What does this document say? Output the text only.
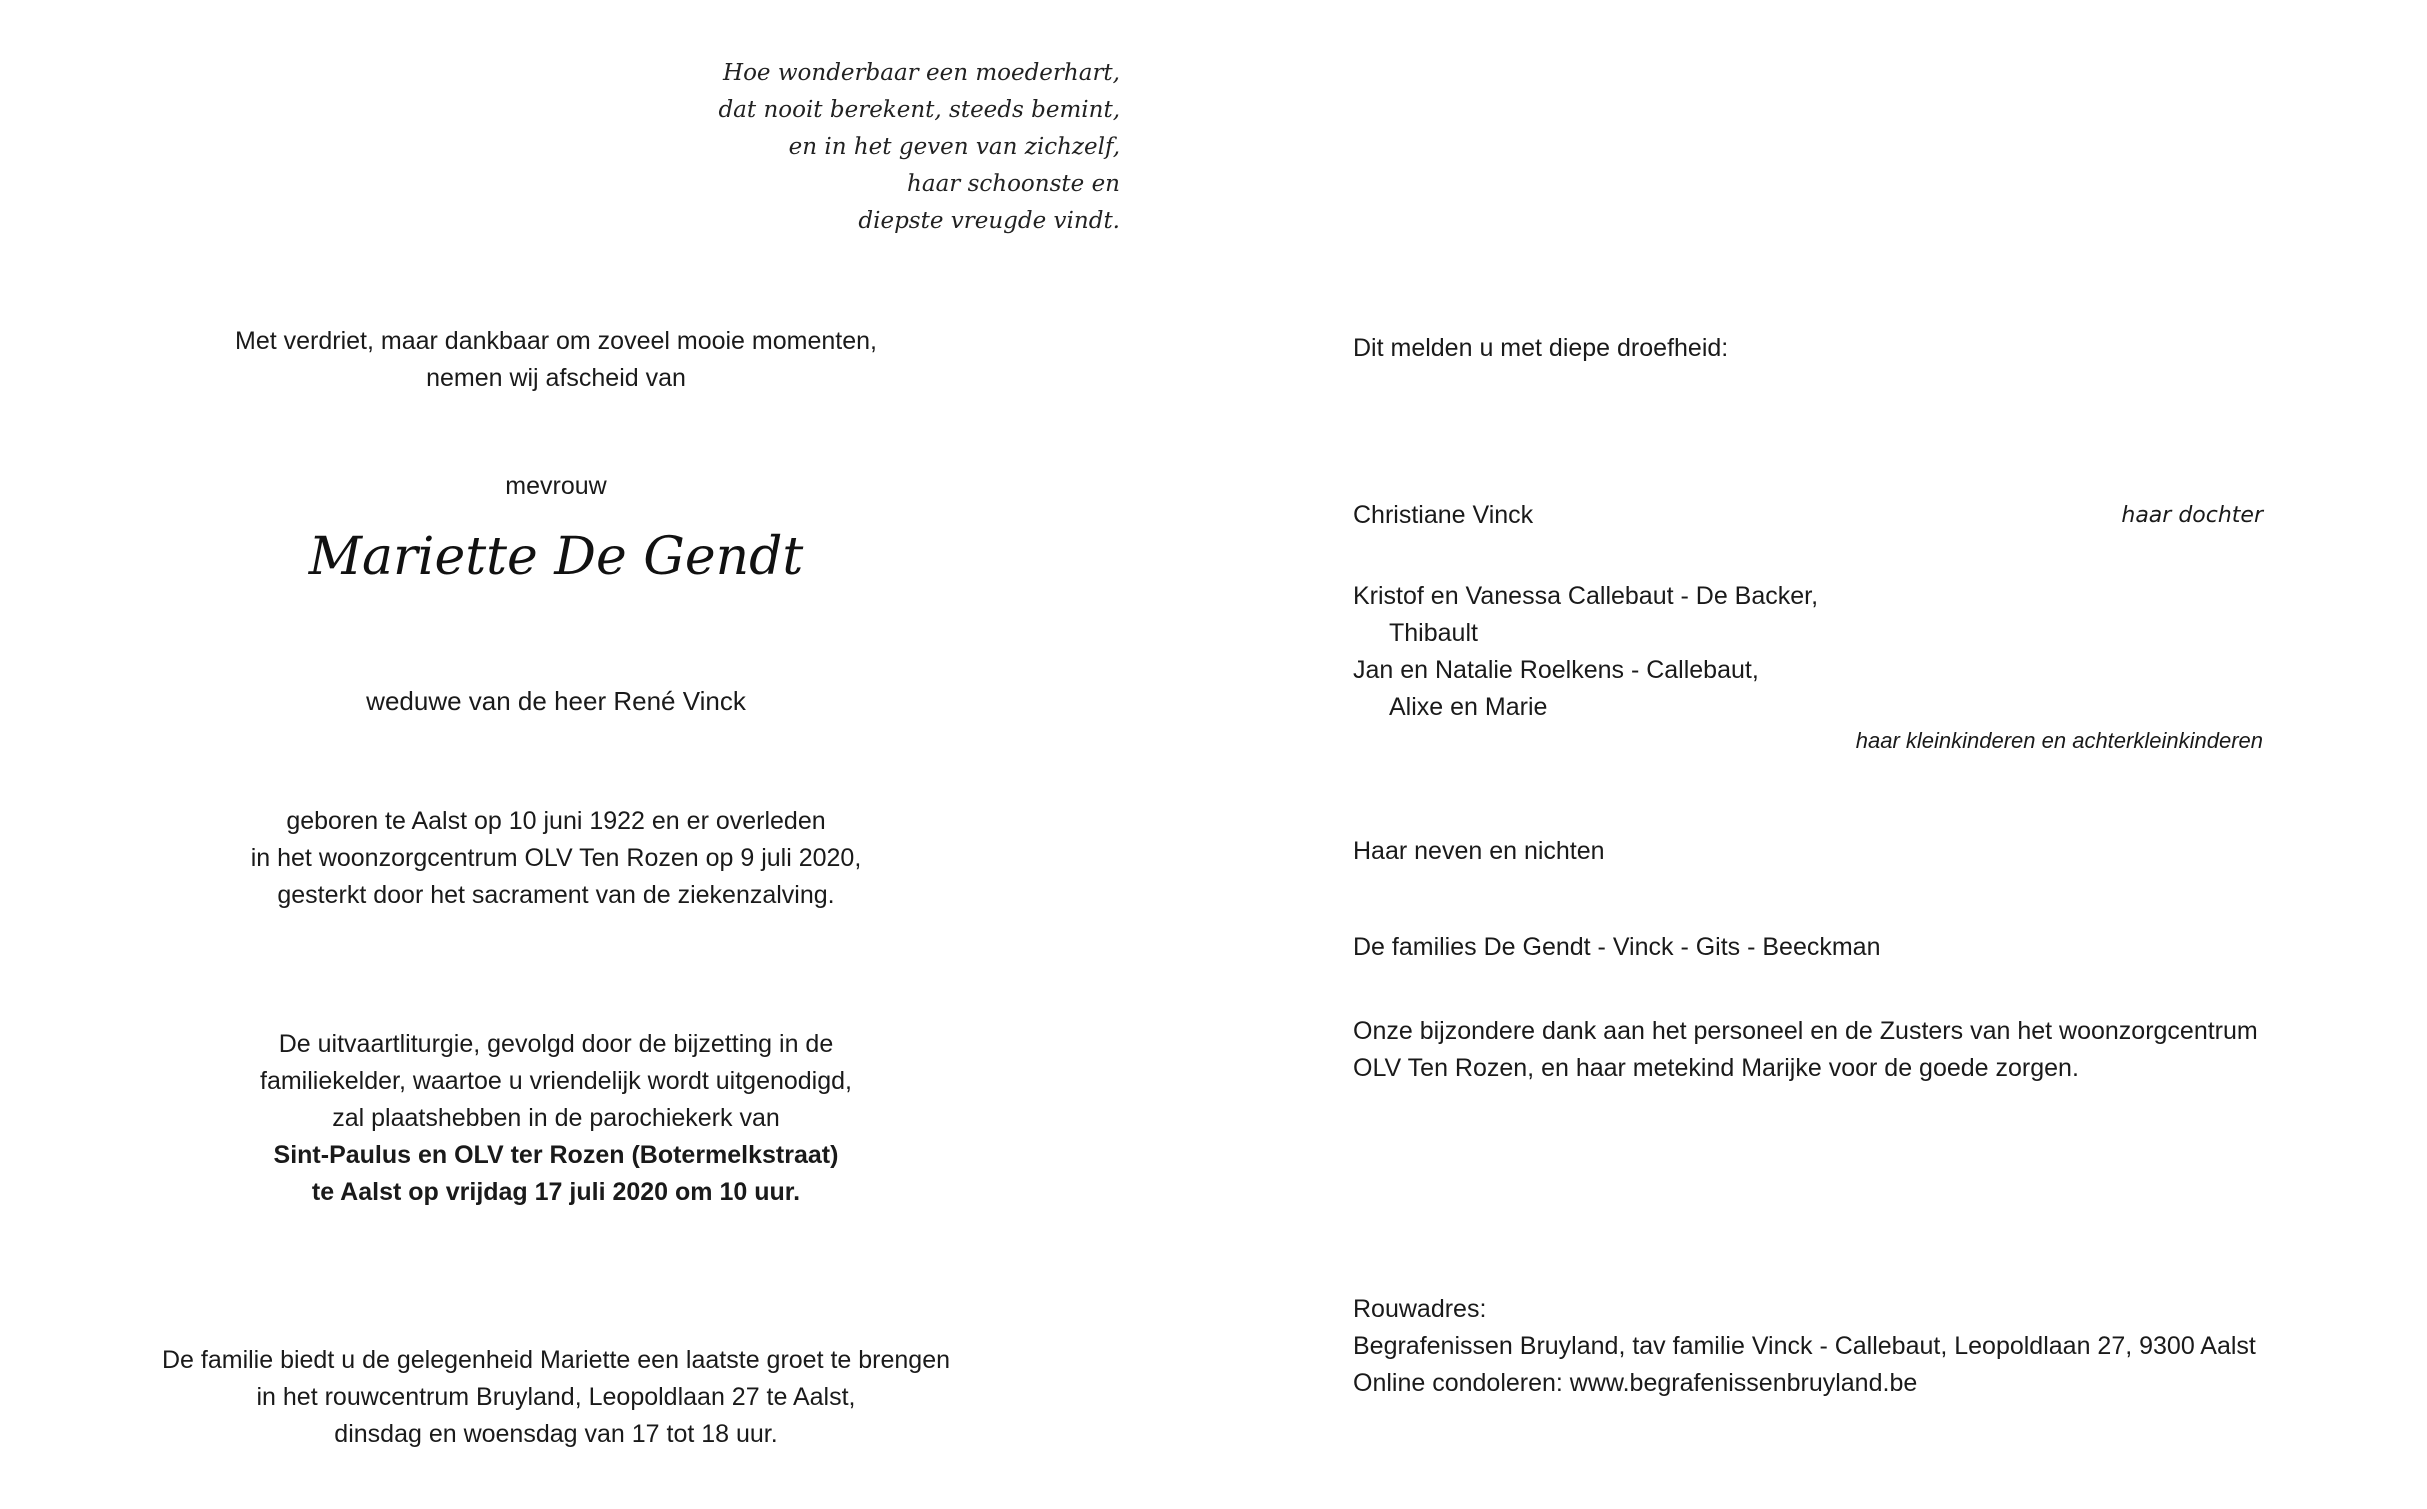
Hoe wonderbaar een moederhart,
dat nooit berekent, steeds bemint,
en in het geven van zichzelf,
haar schoonste en
diepste vreugde vindt.
Met verdriet, maar dankbaar om zoveel mooie momenten,
nemen wij afscheid van
mevrouw
Mariette De Gendt
weduwe van de heer René Vinck
geboren te Aalst op 10 juni 1922 en er overleden
in het woonzorgcentrum OLV Ten Rozen op 9 juli 2020,
gesterkt door het sacrament van de ziekenzalving.
De uitvaartliturgie, gevolgd door de bijzetting in de
familiekelder, waartoe u vriendelijk wordt uitgenodigd,
zal plaatshebben in de parochiekerk van
Sint-Paulus en OLV ter Rozen (Botermelkstraat)
te Aalst op vrijdag 17 juli 2020 om 10 uur.
De familie biedt u de gelegenheid Mariette een laatste groet te brengen
in het rouwcentrum Bruyland, Leopoldlaan 27 te Aalst,
dinsdag en woensdag van 17 tot 18 uur.
Dit melden u met diepe droefheid:
Christiane Vinck	haar dochter
Kristof en Vanessa Callebaut - De Backer,
Thibault
Jan en Natalie Roelkens - Callebaut,
Alixe en Marie
haar kleinkinderen en achterkleinkinderen
Haar neven en nichten
De families De Gendt - Vinck - Gits - Beeckman
Onze bijzondere dank aan het personeel en de Zusters van het woonzorgcentrum
OLV Ten Rozen, en haar metekind Marijke voor de goede zorgen.
Rouwadres:
Begrafenissen Bruyland, tav familie Vinck - Callebaut, Leopoldlaan 27, 9300 Aalst
Online condoleren: www.begrafenissenbruyland.be
